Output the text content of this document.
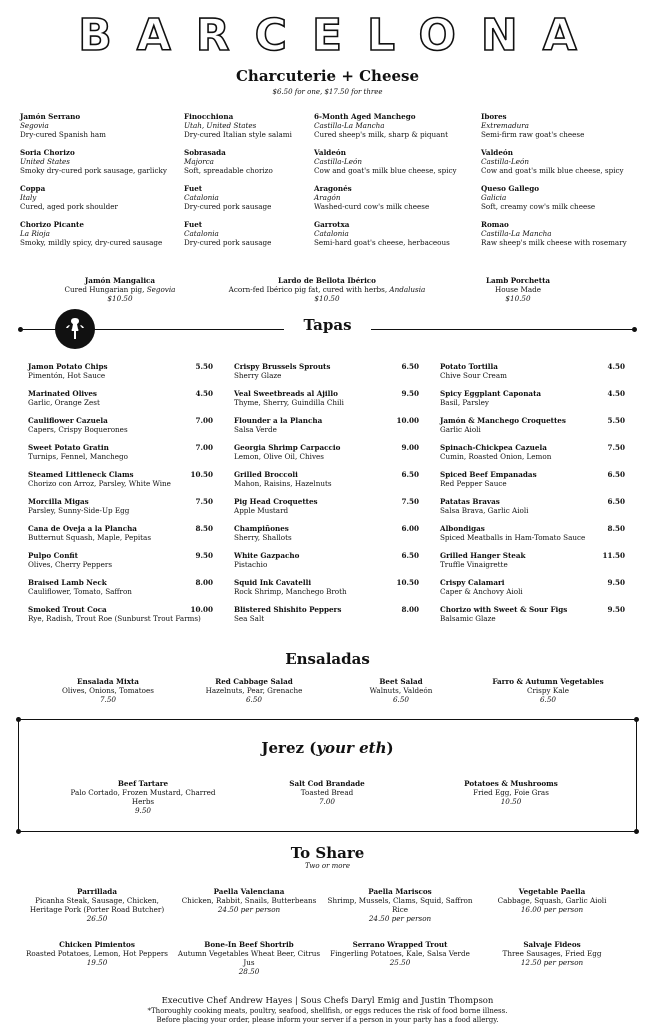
BARCELONA
Charcuterie + Cheese
$6.50 for one, $17.50 for three
Jamón Serrano
Segovia
Dry-cured Spanish ham
Soria Chorizo
United States
Smoky dry-cured pork sausage, garlicky
Coppa
Italy
Cured, aged pork shoulder
Chorizo Picante
La Rioja
Smoky, mildly spicy, dry-cured sausage
Finocchiona
Utah, United States
Dry-cured Italian style salami
Sobrasada
Majorca
Soft, spreadable chorizo
Fuet
Catalonia
Dry-cured pork sausage
Fuet
Catalonia
Dry-cured pork sausage
6-Month Aged Manchego
Castilla-La Mancha
Cured sheep's milk, sharp & piquant
Valdeón
Castilla-León
Cow and goat's milk blue cheese, spicy
Aragonés
Aragón
Washed-curd cow's milk cheese
Garrotxa
Catalonia
Semi-hard goat's cheese, herbaceous
Ibores
Extremadura
Semi-firm raw goat's cheese
Valdeón
Castilla-León
Cow and goat's milk blue cheese, spicy
Queso Gallego
Galicia
Soft, creamy cow's milk cheese
Romao
Castilla-La Mancha
Raw sheep's milk cheese with rosemary
Jamón Mangalica
Cured Hungarian pig, Segovia
$10.50
Lardo de Bellota Ibérico
Acorn-fed Ibérico pig fat, cured with herbs, Andalusia
$10.50
Lamb Porchetta
House Made
$10.50
Tapas
Jamon Potato Chips	5.50
Pimentón, Hot Sauce
Marinated Olives	4.50
Garlic, Orange Zest
Cauliflower Cazuela	7.00
Capers, Crispy Boquerones
Sweet Potato Gratin	7.00
Turnips, Fennel, Manchego
Steamed Littleneck Clams	10.50
Chorizo con Arroz, Parsley, White Wine
Morcilla Migas	7.50
Parsley, Sunny-Side-Up Egg
Cana de Oveja a la Plancha	8.50
Butternut Squash, Maple, Pepitas
Pulpo Confit	9.50
Olives, Cherry Peppers
Braised Lamb Neck	8.00
Cauliflower, Tomato, Saffron
Smoked Trout Coca	10.00
Rye, Radish, Trout Roe (Sunburst Trout Farms)
Crispy Brussels Sprouts	6.50
Sherry Glaze
Veal Sweetbreads al Ajillo	9.50
Thyme, Sherry, Guindilla Chili
Flounder a la Plancha	10.00
Salsa Verde
Georgia Shrimp Carpaccio	9.00
Lemon, Olive Oil, Chives
Grilled Broccoli	6.50
Mahon, Raisins, Hazelnuts
Pig Head Croquettes	7.50
Apple Mustard
Champiñones	6.00
Sherry, Shallots
White Gazpacho	6.50
Pistachio
Squid Ink Cavatelli	10.50
Rock Shrimp, Manchego Broth
Blistered Shishito Peppers	8.00
Sea Salt
Potato Tortilla	4.50
Chive Sour Cream
Spicy Eggplant Caponata	4.50
Basil, Parsley
Jamón & Manchego Croquettes	5.50
Garlic Aioli
Spinach-Chickpea Cazuela	7.50
Cumin, Roasted Onion, Lemon
Spiced Beef Empanadas	6.50
Red Pepper Sauce
Patatas Bravas	6.50
Salsa Brava, Garlic Aioli
Albondigas	8.50
Spiced Meatballs in Ham-Tomato Sauce
Grilled Hanger Steak	11.50
Truffle Vinaigrette
Crispy Calamari	9.50
Caper & Anchovy Aioli
Chorizo with Sweet & Sour Figs	9.50
Balsamic Glaze
Ensaladas
Ensalada Mixta
Olives, Onions, Tomatoes
7.50
Red Cabbage Salad
Hazelnuts, Pear, Grenache
6.50
Beet Salad
Walnuts, Valdeón
6.50
Farro & Autumn Vegetables
Crispy Kale
6.50
Jerez (your eth)
Beef Tartare
Palo Cortado, Frozen Mustard, Charred Herbs
9.50
Salt Cod Brandade
Toasted Bread
7.00
Potatoes & Mushrooms
Fried Egg, Foie Gras
10.50
To Share
Two or more
Parrillada
Picanha Steak, Sausage, Chicken, Heritage Pork (Porter Road Butcher)
26.50
Paella Valenciana
Chicken, Rabbit, Snails, Butterbeans
24.50 per person
Paella Mariscos
Shrimp, Mussels, Clams, Squid, Saffron Rice
24.50 per person
Vegetable Paella
Cabbage, Squash, Garlic Aioli
16.00 per person
Chicken Pimientos
Roasted Potatoes, Lemon, Hot Peppers
19.50
Bone-In Beef Shortrib
Autumn Vegetables Wheat Beer, Citrus Jus
28.50
Serrano Wrapped Trout
Fingerling Potatoes, Kale, Salsa Verde
25.50
Salvaje Fideos
Three Sausages, Fried Egg
12.50 per person
Executive Chef Andrew Hayes | Sous Chefs Daryl Emig and Justin Thompson
*Thoroughly cooking meats, poultry, seafood, shellfish, or eggs reduces the risk of food borne illness.
Before placing your order, please inform your server if a person in your party has a food allergy.
